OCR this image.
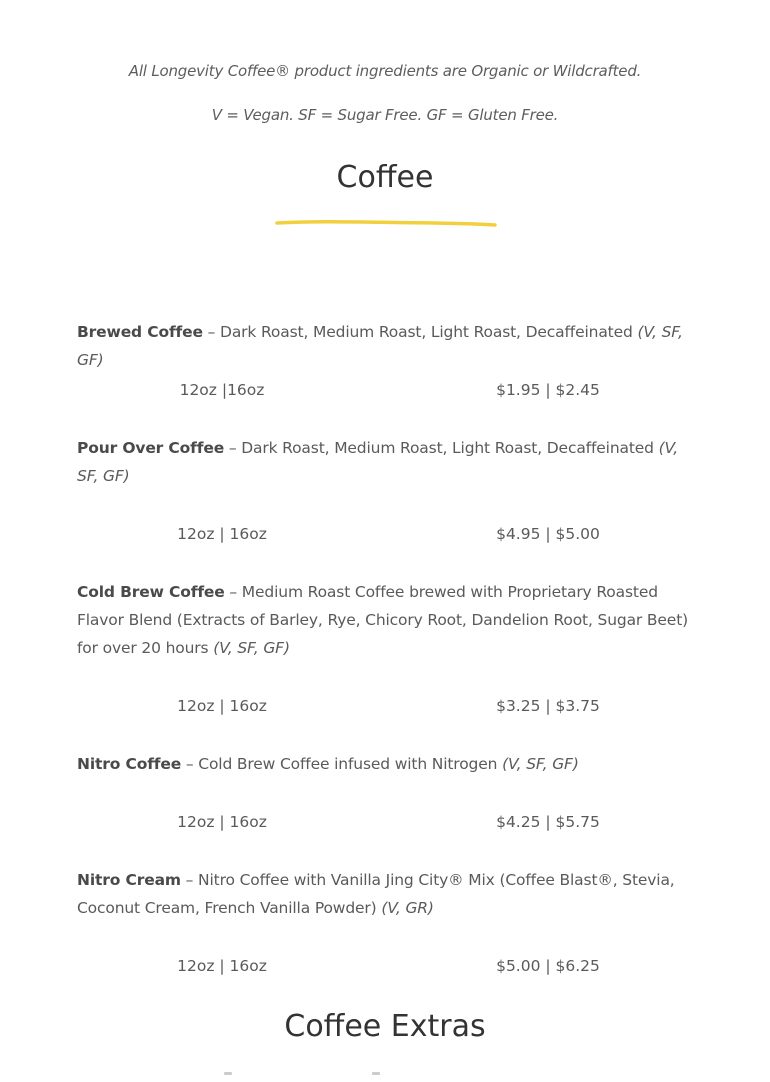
All Longevity Coffee® product ingredients are Organic or Wildcrafted.
V = Vegan. SF = Sugar Free. GF = Gluten Free.
Coffee
Brewed Coffee – Dark Roast, Medium Roast, Light Roast, Decaffeinated (V, SF, GF)
12oz |16oz	$1.95 | $2.45
Pour Over Coffee – Dark Roast, Medium Roast, Light Roast, Decaffeinated (V, SF, GF)
12oz | 16oz	$4.95 | $5.00
Cold Brew Coffee – Medium Roast Coffee brewed with Proprietary Roasted Flavor Blend (Extracts of Barley, Rye, Chicory Root, Dandelion Root, Sugar Beet) for over 20 hours (V, SF, GF)
12oz | 16oz	$3.25 | $3.75
Nitro Coffee – Cold Brew Coffee infused with Nitrogen (V, SF, GF)
12oz | 16oz	$4.25 | $5.75
Nitro Cream – Nitro Coffee with Vanilla Jing City® Mix (Coffee Blast®, Stevia, Coconut Cream, French Vanilla Powder) (V, GR)
12oz | 16oz	$5.00 | $6.25
Coffee Extras
